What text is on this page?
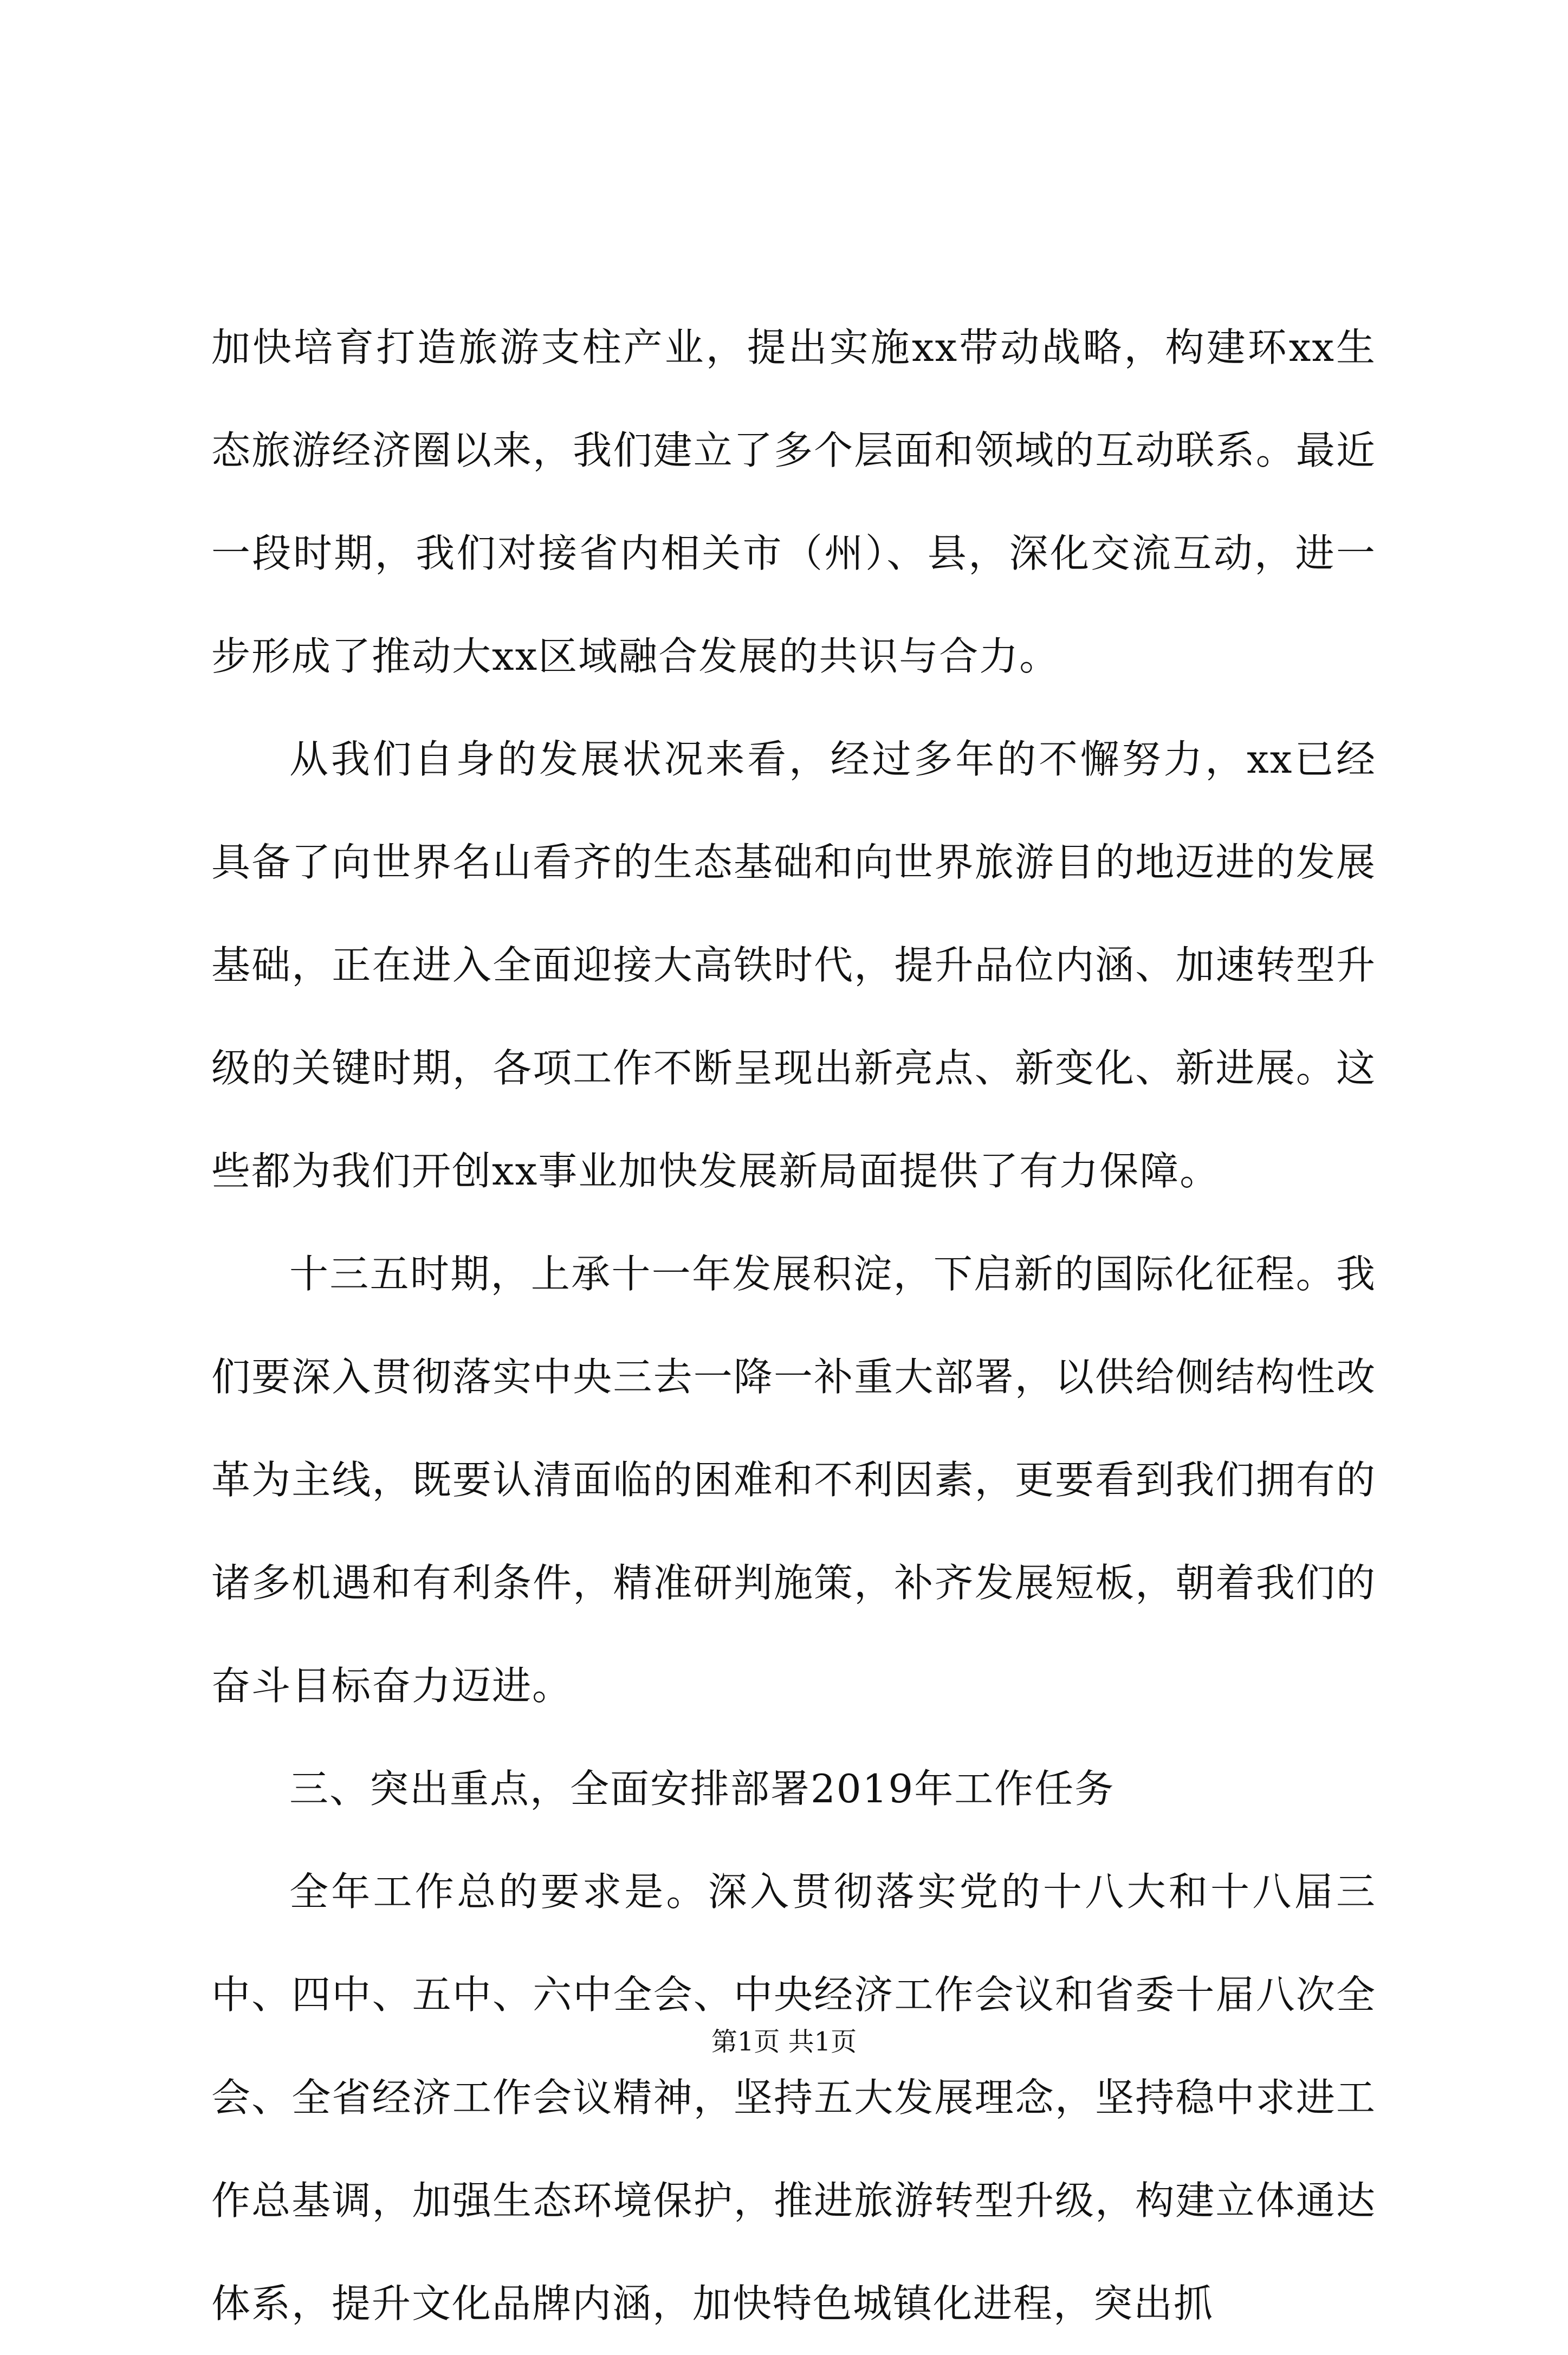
加快培育打造旅游支柱产业，提出实施xx带动战略，构建环xx生态旅游经济圈以来，我们建立了多个层面和领域的互动联系。最近一段时期，我们对接省内相关市（州）、县，深化交流互动，进一步形成了推动大xx区域融合发展的共识与合力。

从我们自身的发展状况来看，经过多年的不懈努力，xx已经具备了向世界名山看齐的生态基础和向世界旅游目的地迈进的发展基础，正在进入全面迎接大高铁时代，提升品位内涵、加速转型升级的关键时期，各项工作不断呈现出新亮点、新变化、新进展。这些都为我们开创xx事业加快发展新局面提供了有力保障。

十三五时期，上承十一年发展积淀，下启新的国际化征程。我们要深入贯彻落实中央三去一降一补重大部署，以供给侧结构性改革为主线，既要认清面临的困难和不利因素，更要看到我们拥有的诸多机遇和有利条件，精准研判施策，补齐发展短板，朝着我们的奋斗目标奋力迈进。

三、突出重点，全面安排部署2019年工作任务

全年工作总的要求是。深入贯彻落实党的十八大和十八届三中、四中、五中、六中全会、中央经济工作会议和省委十届八次全会、全省经济工作会议精神，坚持五大发展理念，坚持稳中求进工作总基调，加强生态环境保护，推进旅游转型升级，构建立体通达体系，提升文化品牌内涵，加快特色城镇化进程，突出抓

第1页 共1页
